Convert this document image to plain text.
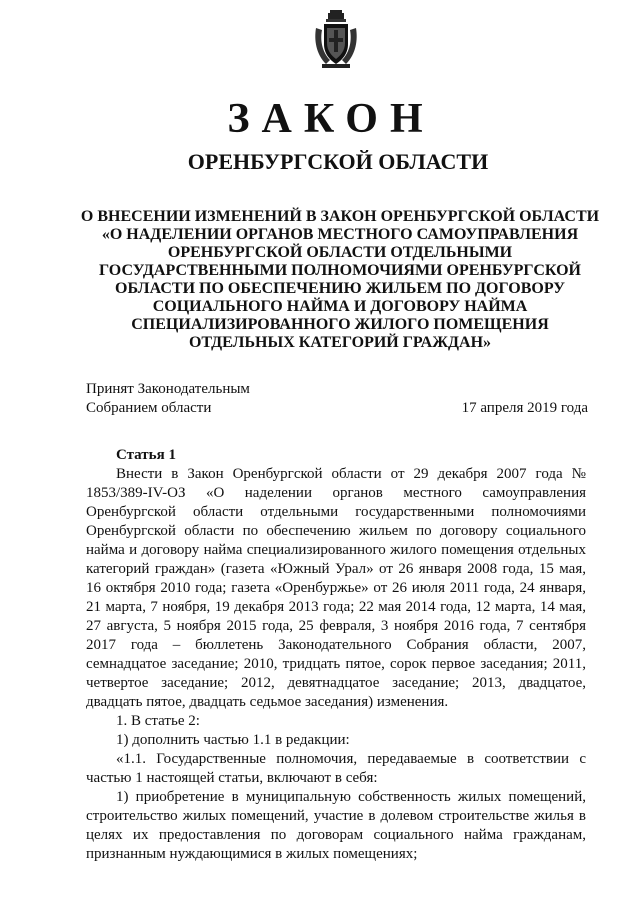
ЗАКОН
ОРЕНБУРГСКОЙ ОБЛАСТИ
О ВНЕСЕНИИ ИЗМЕНЕНИЙ В ЗАКОН ОРЕНБУРГСКОЙ ОБЛАСТИ «О НАДЕЛЕНИИ ОРГАНОВ МЕСТНОГО САМОУПРАВЛЕНИЯ ОРЕНБУРГСКОЙ ОБЛАСТИ ОТДЕЛЬНЫМИ ГОСУДАРСТВЕННЫМИ ПОЛНОМОЧИЯМИ ОРЕНБУРГСКОЙ ОБЛАСТИ ПО ОБЕСПЕЧЕНИЮ ЖИЛЬЕМ ПО ДОГОВОРУ СОЦИАЛЬНОГО НАЙМА И ДОГОВОРУ НАЙМА СПЕЦИАЛИЗИРОВАННОГО ЖИЛОГО ПОМЕЩЕНИЯ ОТДЕЛЬНЫХ КАТЕГОРИЙ ГРАЖДАН»
Принят Законодательным
Собранием области	17 апреля 2019 года
Статья 1

Внести в Закон Оренбургской области от 29 декабря 2007 года № 1853/389-IV-ОЗ «О наделении органов местного самоуправления Оренбургской области отдельными государственными полномочиями Оренбургской области по обеспечению жильем по договору социального найма и договору найма специализированного жилого помещения отдельных категорий граждан» (газета «Южный Урал» от 26 января 2008 года, 15 мая, 16 октября 2010 года; газета «Оренбуржье» от 26 июля 2011 года, 24 января, 21 марта, 7 ноября, 19 декабря 2013 года; 22 мая 2014 года, 12 марта, 14 мая, 27 августа, 5 ноября 2015 года, 25 февраля, 3 ноября 2016 года, 7 сентября 2017 года – бюллетень Законодательного Собрания области, 2007, семнадцатое заседание; 2010, тридцать пятое, сорок первое заседания; 2011, четвертое заседание; 2012, девятнадцатое заседание; 2013, двадцатое, двадцать пятое, двадцать седьмое заседания) изменения.

1. В статье 2:

1) дополнить частью 1.1 в редакции:

«1.1. Государственные полномочия, передаваемые в соответствии с частью 1 настоящей статьи, включают в себя:

1) приобретение в муниципальную собственность жилых помещений, строительство жилых помещений, участие в долевом строительстве жилья в целях их предоставления по договорам социального найма гражданам, признанным нуждающимися в жилых помещениях;
